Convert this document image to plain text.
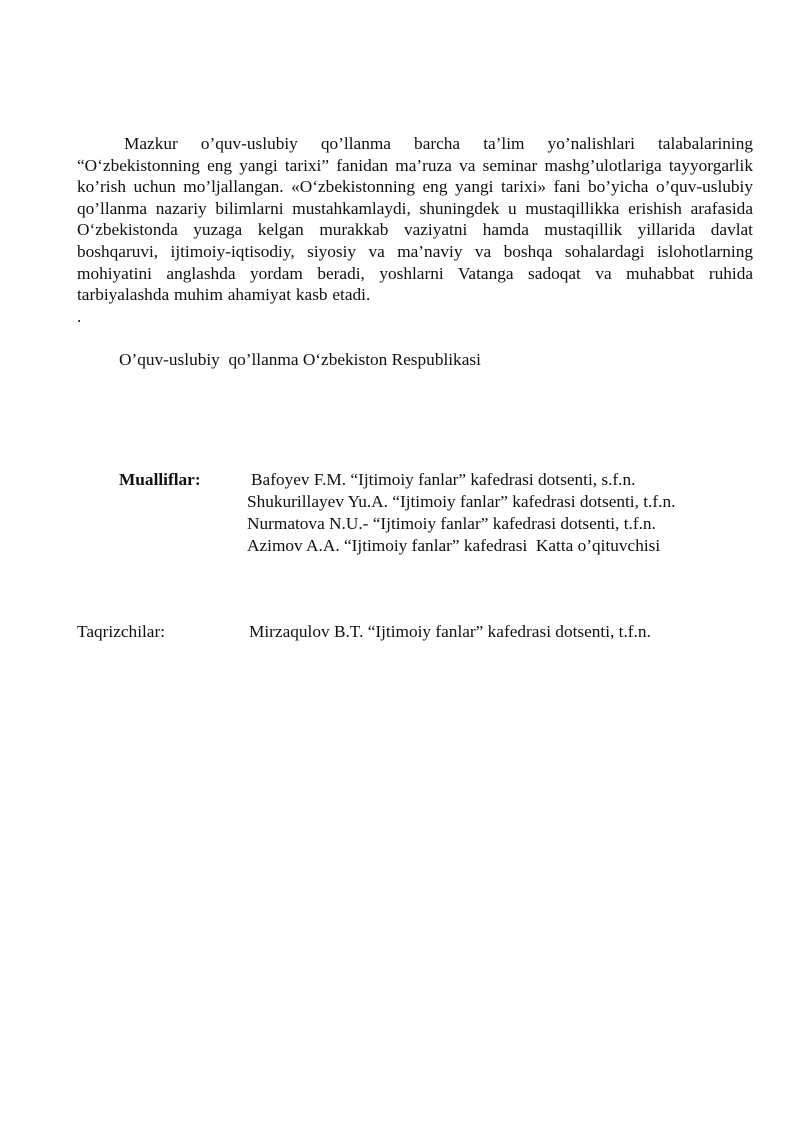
Mazkur o’quv-uslubiy qo’llanma barcha ta’lim yo’nalishlari talabalarining “O‘zbekistonning eng yangi tarixi” fanidan ma’ruza va seminar mashg’ulotlariga tayyorgarlik ko’rish uchun mo’ljallangan. «O‘zbekistonning eng yangi tarixi» fani bo’yicha o’quv-uslubiy qo’llanma nazariy bilimlarni mustahkamlaydi, shuningdek u mustaqillikka erishish arafasida O‘zbekistonda yuzaga kelgan murakkab vaziyatni hamda mustaqillik yillarida davlat boshqaruvi, ijtimoiy-iqtisodiy, siyosiy va ma’naviy va boshqa sohalardagi islohotlarning mohiyatini anglashda yordam beradi, yoshlarni Vatanga sadoqat va muhabbat ruhida tarbiyalashda muhim ahamiyat kasb etadi.

.
O’quv-uslubiy  qo’llanma O‘zbekiston Respublikasi
Mualliflar:	Bafoyev F.M. “Ijtimoiy fanlar” kafedrasi dotsenti, s.f.n.
Shukurillayev Yu.A. “Ijtimoiy fanlar” kafedrasi dotsenti, t.f.n.
Nurmatova N.U.- “Ijtimoiy fanlar” kafedrasi dotsenti, t.f.n.
Azimov A.A. “Ijtimoiy fanlar” kafedrasi  Katta o’qituvchisi
Taqrizchilar:	Mirzaqulov B.T. “Ijtimoiy fanlar” kafedrasi dotsenti, t.f.n.
